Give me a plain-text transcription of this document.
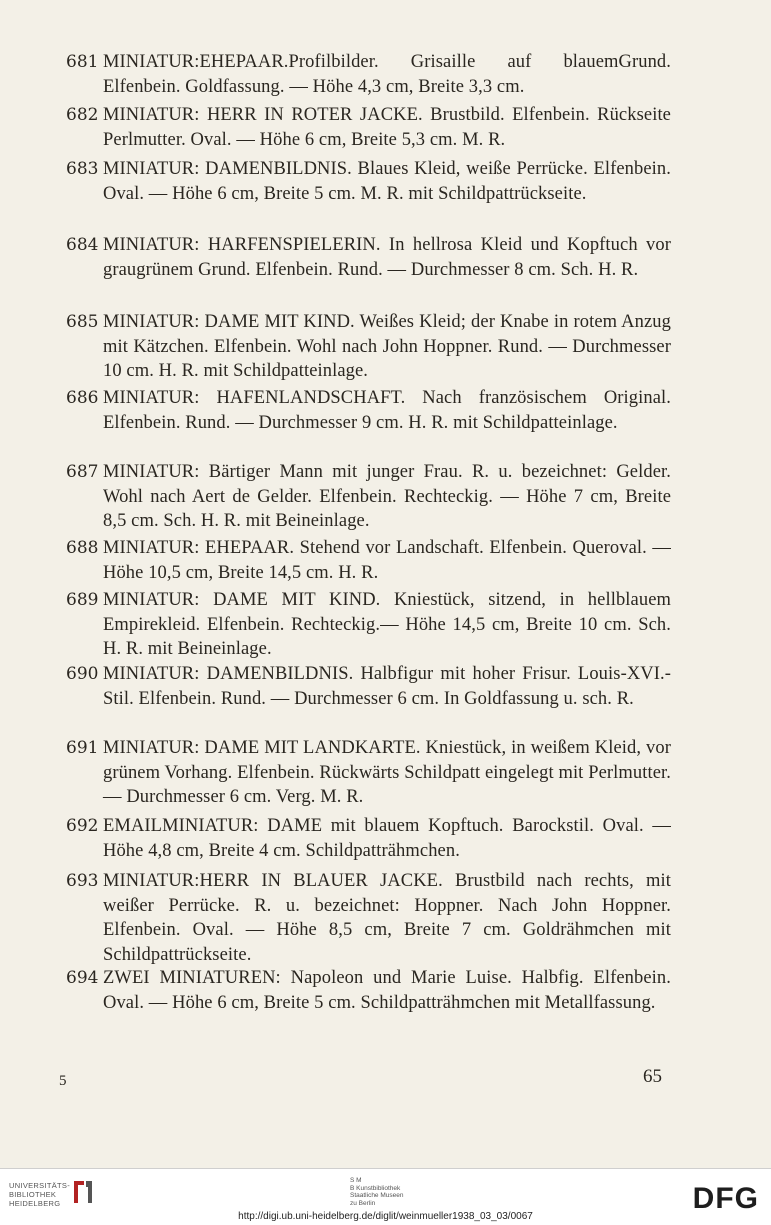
681 MINIATUR:EHEPAAR.Profilbilder. Grisaille auf blauemGrund. Elfenbein. Goldfassung. — Höhe 4,3 cm, Breite 3,3 cm.
682 MINIATUR: HERR IN ROTER JACKE. Brustbild. Elfenbein. Rückseite Perlmutter. Oval. — Höhe 6 cm, Breite 5,3 cm. M. R.
683 MINIATUR: DAMENBILDNIS. Blaues Kleid, weiße Perrücke. Elfenbein. Oval. — Höhe 6 cm, Breite 5 cm. M. R. mit Schildpattrückseite.
684 MINIATUR: HARFENSPIELERIN. In hellrosa Kleid und Kopftuch vor graugrünem Grund. Elfenbein. Rund. — Durchmesser 8 cm. Sch. H. R.
685 MINIATUR: DAME MIT KIND. Weißes Kleid; der Knabe in rotem Anzug mit Kätzchen. Elfenbein. Wohl nach John Hoppner. Rund. — Durchmesser 10 cm. H. R. mit Schildpatteinlage.
686 MINIATUR: HAFENLANDSCHAFT. Nach französischem Original. Elfenbein. Rund. — Durchmesser 9 cm. H. R. mit Schildpatteinlage.
687 MINIATUR: Bärtiger Mann mit junger Frau. R. u. bezeichnet: Gelder. Wohl nach Aert de Gelder. Elfenbein. Rechteckig. — Höhe 7 cm, Breite 8,5 cm. Sch. H. R. mit Beineinlage.
688 MINIATUR: EHEPAAR. Stehend vor Landschaft. Elfenbein. Queroval. — Höhe 10,5 cm, Breite 14,5 cm. H. R.
689 MINIATUR: DAME MIT KIND. Kniestück, sitzend, in hellblauem Empirekleid. Elfenbein. Rechteckig.— Höhe 14,5 cm, Breite 10 cm. Sch. H. R. mit Beineinlage.
690 MINIATUR: DAMENBILDNIS. Halbfigur mit hoher Frisur. Louis-XVI.-Stil. Elfenbein. Rund. — Durchmesser 6 cm. In Goldfassung u. sch. R.
691 MINIATUR: DAME MIT LANDKARTE. Kniestück, in weißem Kleid, vor grünem Vorhang. Elfenbein. Rückwärts Schildpatt eingelegt mit Perlmutter. — Durchmesser 6 cm. Verg. M. R.
692 EMAILMINIATUR: DAME mit blauem Kopftuch. Barockstil. Oval. — Höhe 4,8 cm, Breite 4 cm. Schildpatträhmchen.
693 MINIATUR:HERR IN BLAUER JACKE. Brustbild nach rechts, mit weißer Perrücke. R. u. bezeichnet: Hoppner. Nach John Hoppner. Elfenbein. Oval. — Höhe 8,5 cm, Breite 7 cm. Goldrähmchen mit Schildpattrückseite.
694 ZWEI MINIATUREN: Napoleon und Marie Luise. Halbfig. Elfenbein. Oval. — Höhe 6 cm, Breite 5 cm. Schildpatträhmchen mit Metallfassung.
5	65
UNIVERSITÄTS-
BIBLIOTHEK
HEIDELBERG
S M
B Kunstbibliothek
Staatliche Museen
zu Berlin	DFG
http://digi.ub.uni-heidelberg.de/diglit/weinmueller1938_03_03/0067
